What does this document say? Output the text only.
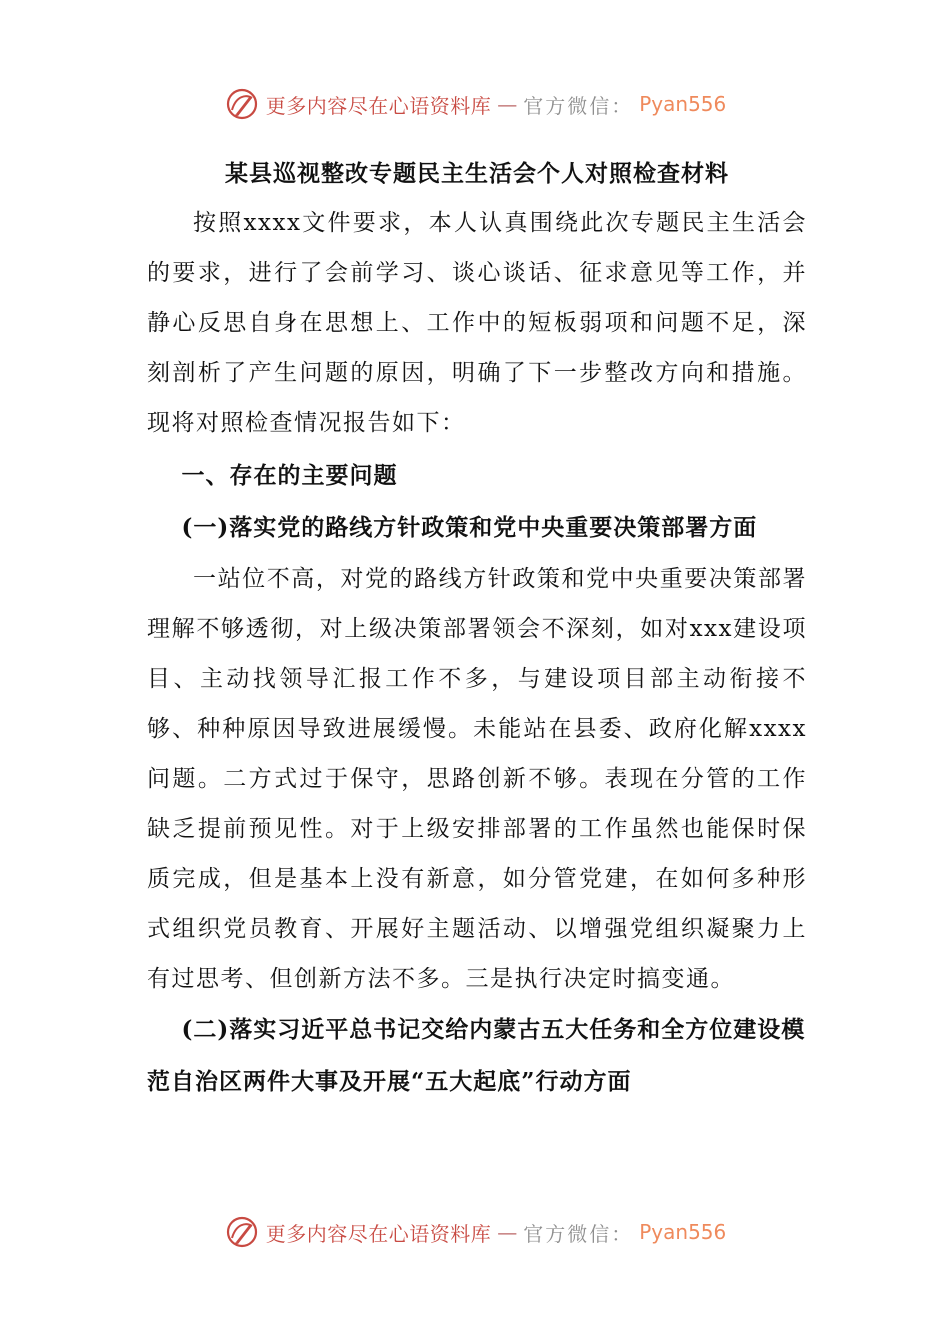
更多内容尽在心语资料库 — 官方微信： Pyan556
某县巡视整改专题民主生活会个人对照检查材料

按照xxxx文件要求，本人认真围绕此次专题民主生活会的要求，进行了会前学习、谈心谈话、征求意见等工作，并静心反思自身在思想上、工作中的短板弱项和问题不足，深刻剖析了产生问题的原因，明确了下一步整改方向和措施。现将对照检查情况报告如下：

一、存在的主要问题

(一)落实党的路线方针政策和党中央重要决策部署方面

一站位不高，对党的路线方针政策和党中央重要决策部署理解不够透彻，对上级决策部署领会不深刻，如对xxx建设项目、主动找领导汇报工作不多，与建设项目部主动衔接不够、种种原因导致进展缓慢。未能站在县委、政府化解xxxx问题。二方式过于保守，思路创新不够。表现在分管的工作缺乏提前预见性。对于上级安排部署的工作虽然也能保时保质完成，但是基本上没有新意，如分管党建，在如何多种形式组织党员教育、开展好主题活动、以增强党组织凝聚力上有过思考、但创新方法不多。三是执行决定时搞变通。

(二)落实习近平总书记交给内蒙古五大任务和全方位建设模范自治区两件大事及开展“五大起底”行动方面

更多内容尽在心语资料库 — 官方微信： Pyan556
